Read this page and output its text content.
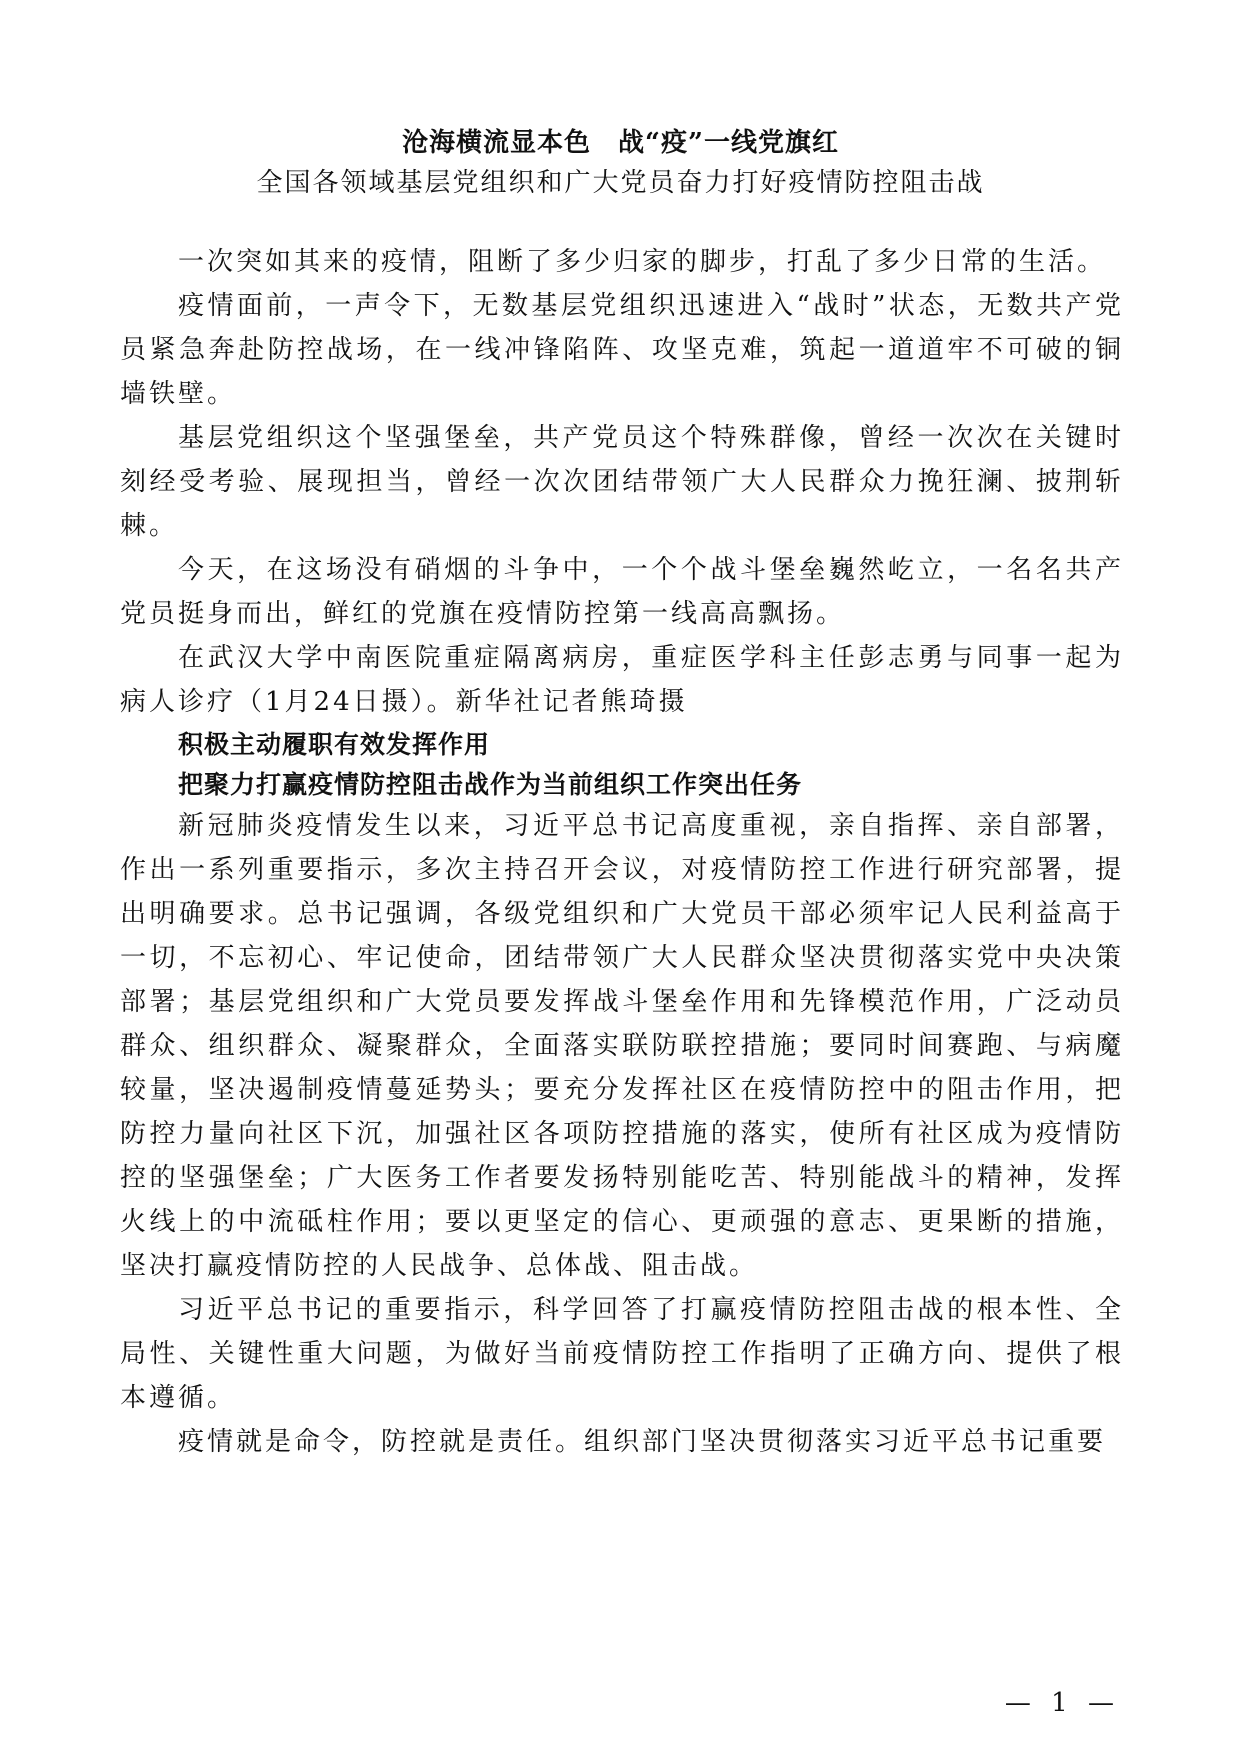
沧海横流显本色　战“疫”一线党旗红
全国各领域基层党组织和广大党员奋力打好疫情防控阻击战

一次突如其来的疫情，阻断了多少归家的脚步，打乱了多少日常的生活。

疫情面前，一声令下，无数基层党组织迅速进入“战时”状态，无数共产党员紧急奔赴防控战场，在一线冲锋陷阵、攻坚克难，筑起一道道牢不可破的铜墙铁壁。

基层党组织这个坚强堡垒，共产党员这个特殊群像，曾经一次次在关键时刻经受考验、展现担当，曾经一次次团结带领广大人民群众力挽狂澜、披荆斩棘。

今天，在这场没有硝烟的斗争中，一个个战斗堡垒巍然屹立，一名名共产党员挺身而出，鲜红的党旗在疫情防控第一线高高飘扬。

在武汉大学中南医院重症隔离病房，重症医学科主任彭志勇与同事一起为病人诊疗（1月24日摄）。新华社记者熊琦摄

积极主动履职有效发挥作用
把聚力打赢疫情防控阻击战作为当前组织工作突出任务

新冠肺炎疫情发生以来，习近平总书记高度重视，亲自指挥、亲自部署，作出一系列重要指示，多次主持召开会议，对疫情防控工作进行研究部署，提出明确要求。总书记强调，各级党组织和广大党员干部必须牢记人民利益高于一切，不忘初心、牢记使命，团结带领广大人民群众坚决贯彻落实党中央决策部署；基层党组织和广大党员要发挥战斗堡垒作用和先锋模范作用，广泛动员群众、组织群众、凝聚群众，全面落实联防联控措施；要同时间赛跑、与病魔较量，坚决遏制疫情蔓延势头；要充分发挥社区在疫情防控中的阻击作用，把防控力量向社区下沉，加强社区各项防控措施的落实，使所有社区成为疫情防控的坚强堡垒；广大医务工作者要发扬特别能吃苦、特别能战斗的精神，发挥火线上的中流砥柱作用；要以更坚定的信心、更顽强的意志、更果断的措施，坚决打赢疫情防控的人民战争、总体战、阻击战。

习近平总书记的重要指示，科学回答了打赢疫情防控阻击战的根本性、全局性、关键性重大问题，为做好当前疫情防控工作指明了正确方向、提供了根本遵循。

疫情就是命令，防控就是责任。组织部门坚决贯彻落实习近平总书记重要

— 1 —
